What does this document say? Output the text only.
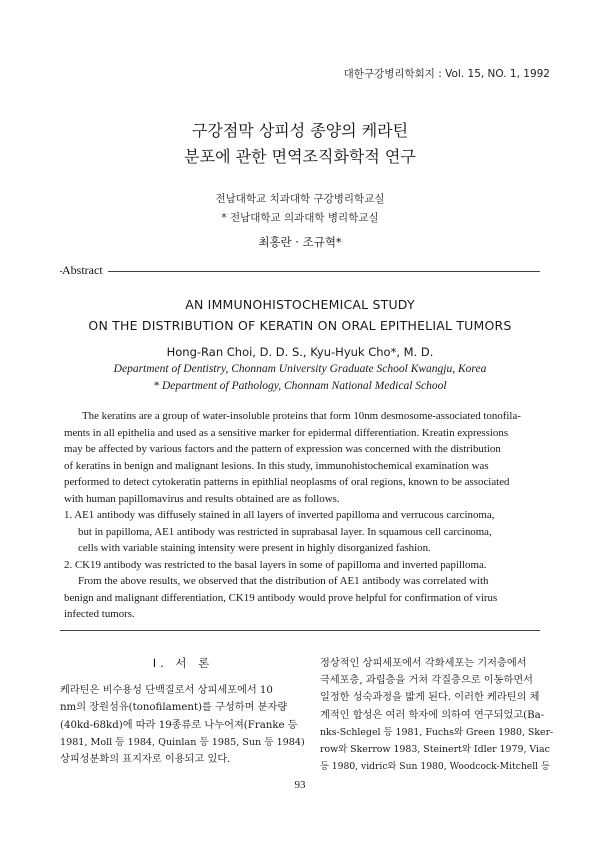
대한구강병리학회지 : Vol. 15, NO. 1, 1992
구강점막 상피성 종양의 케라틴
분포에 관한 면역조직화학적 연구
전남대학교 치과대학 구강병리학교실
* 전남대학교 의과대학 병리학교실
최홍란 · 조규혁*
Abstract
AN IMMUNOHISTOCHEMICAL STUDY
ON THE DISTRIBUTION OF KERATIN ON ORAL EPITHELIAL TUMORS
Hong-Ran Choi, D. D. S., Kyu-Hyuk Cho*, M. D.
Department of Dentistry, Chonnam University Graduate School Kwangju, Korea
* Department of Pathology, Chonnam National Medical School
The keratins are a group of water-insoluble proteins that form 10nm desmosome-associated tonofila-
ments in all epithelia and used as a sensitive marker for epidermal differentiation. Kreatin expressions
may be affected by various factors and the pattern of expression was concerned with the distribution
of keratins in benign and malignant lesions. In this study, immunohistochemical examination was
performed to detect cytokeratin patterns in epithlial neoplasms of oral regions, known to be associated
with human papillomavirus and results obtained are as follows.
1. AE1 antibody was diffusely stained in all layers of inverted papilloma and verrucous carcinoma,
but in papilloma, AE1 antibody was restricted in suprabasal layer. In squamous cell carcinoma,
cells with variable staining intensity were present in highly disorganized fashion.
2. CK19 antibody was restricted to the basal layers in some of papilloma and inverted papilloma.
From the above results, we observed that the distribution of AE1 antibody was correlated with
benign and malignant differentiation, CK19 antibody would prove helpful for confirmation of virus
infected tumors.
I. 서 론
케라틴은 비수용성 단백질로서 상피세포에서 10
nm의 장원섬유(tonofilament)를 구성하며 분자량
(40kd-68kd)에 따라 19종류로 나누어져(Franke 등
1981, Moll 등 1984, Quinlan 등 1985, Sun 등 1984)
상피성분화의 표지자로 이용되고 있다.
정상적인 상피세포에서 각화세포는 기저층에서
극세포층, 과립층을 거쳐 각질층으로 이동하면서
일정한 성숙과정을 밟게 된다. 이러한 케라틴의 체
계적인 합성은 여러 학자에 의하여 연구되었고(Ba-
nks-Schlegel 등 1981, Fuchs와 Green 1980, Sker-
row와 Skerrow 1983, Steinert와 Idler 1979, Viac
등 1980, vidric와 Sun 1980, Woodcock-Mitchell 등
93
